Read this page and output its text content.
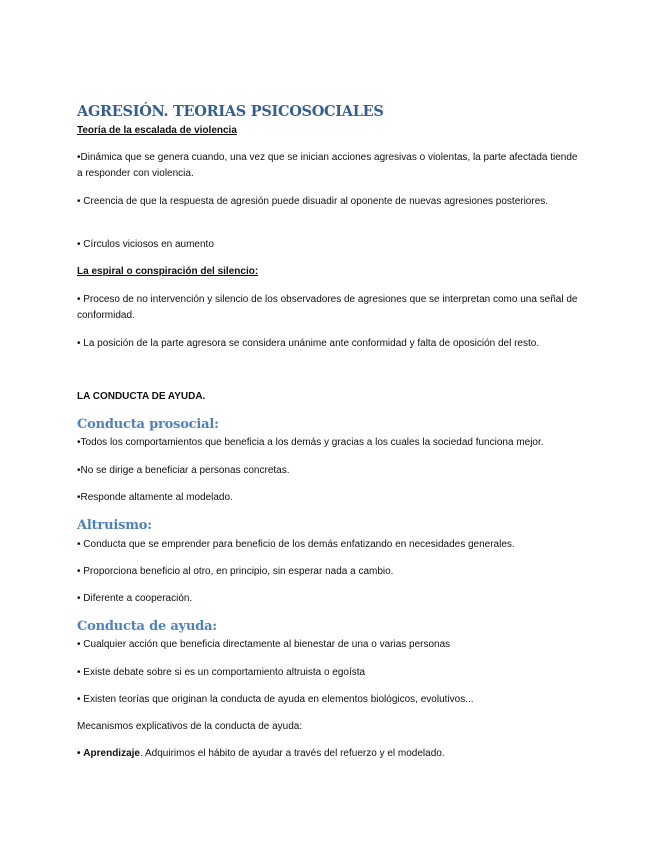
AGRESIÓN. TEORIAS PSICOSOCIALES
Teoría de la escalada de violencia
•Dinámica que se genera cuando, una vez que se inician acciones agresivas o violentas, la parte afectada tiende a responder con violencia.
• Creencia de que la respuesta de agresión puede disuadir al oponente de nuevas agresiones posteriores.
• Círculos viciosos en aumento
La espiral o conspiración del silencio:
• Proceso de no intervención y silencio de los observadores de agresiones que se interpretan como una señal de conformidad.
• La posición de la parte agresora se considera unánime ante conformidad y falta de oposición del resto.
LA CONDUCTA DE AYUDA.
Conducta prosocial:
•Todos los comportamientos que beneficia a los demás y gracias a los cuales la sociedad funciona mejor.
•No se dirige a beneficiar a personas concretas.
•Responde altamente al modelado.
Altruismo:
• Conducta que se emprender para beneficio de los demás enfatizando en necesidades generales.
• Proporciona beneficio al otro, en principio, sin esperar nada a cambio.
• Diferente a cooperación.
Conducta de ayuda:
• Cualquier acción que beneficia directamente al bienestar de una o varias personas
• Existe debate sobre si es un comportamiento altruista o egoísta
• Existen teorías que originan la conducta de ayuda en elementos biológicos, evolutivos...
Mecanismos explicativos de la conducta de ayuda:
• Aprendizaje. Adquirimos el hábito de ayudar a través del refuerzo y el modelado.
